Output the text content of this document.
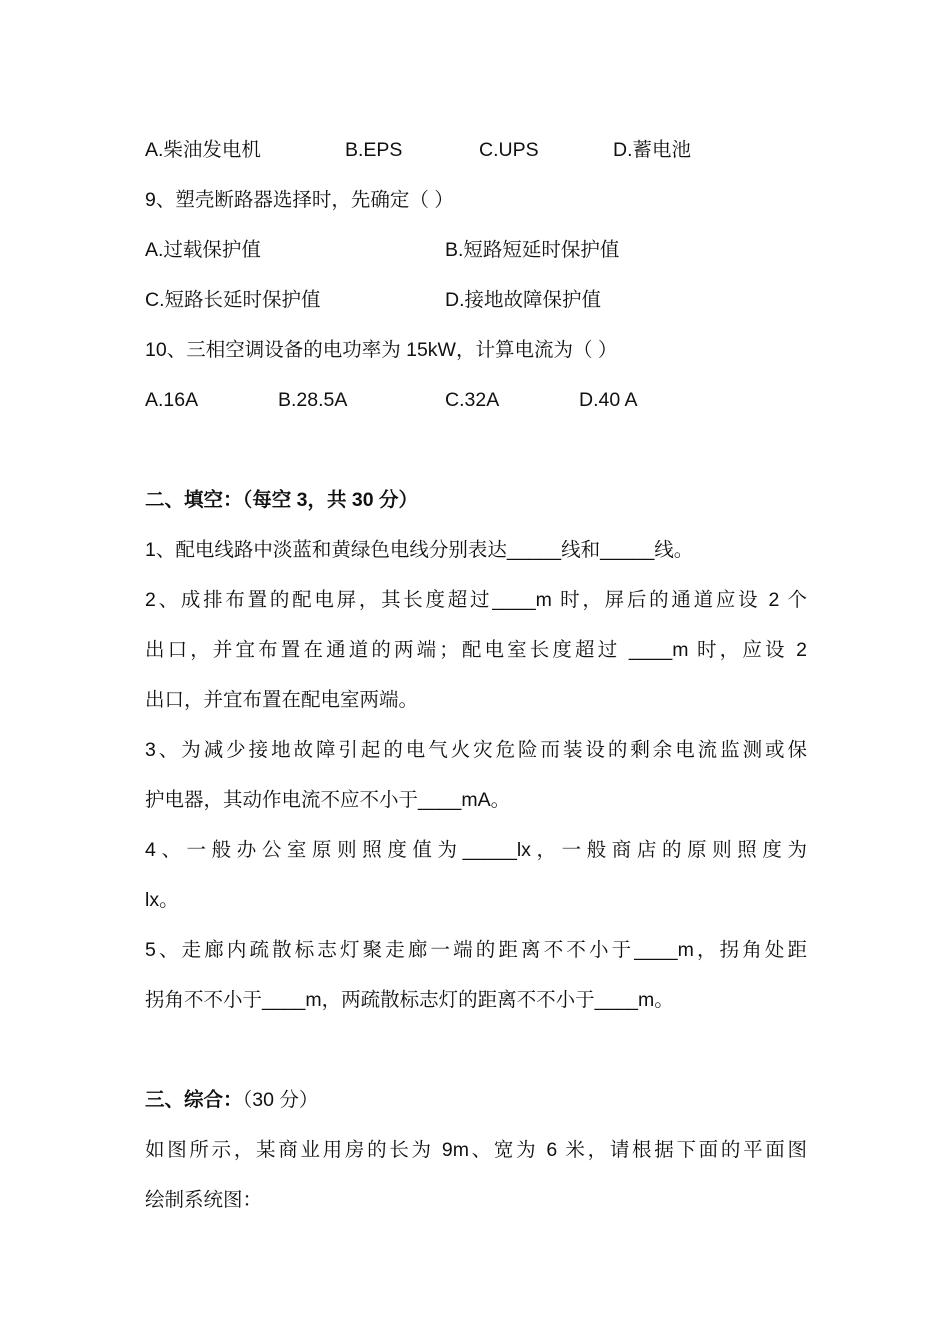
A.柴油发电机	B.EPS	C.UPS	D.蓄电池
9、塑壳断路器选择时，先确定（ ）
A.过载保护值	B.短路短延时保护值
C.短路长延时保护值	D.接地故障保护值
10、三相空调设备的电功率为 15kW，计算电流为（ ）
A.16A	B.28.5A	C.32A	D.40 A
二、填空：（每空 3，共 30 分）
1、配电线路中淡蓝和黄绿色电线分别表达_____线和_____线。
2、成排布置的配电屏，其长度超过____m 时，屏后的通道应设 2 个
出口，并宜布置在通道的两端；配电室长度超过 ____m 时，应设 2
出口，并宜布置在配电室两端。
3、为减少接地故障引起的电气火灾危险而装设的剩余电流监测或保
护电器，其动作电流不应不小于____mA。
4、一般办公室原则照度值为_____lx，一般商店的原则照度为
lx。
5、走廊内疏散标志灯聚走廊一端的距离不不小于____m，拐角处距
拐角不不小于____m，两疏散标志灯的距离不不小于____m。
三、综合：（30 分）
如图所示，某商业用房的长为 9m、宽为 6 米，请根据下面的平面图
绘制系统图：
